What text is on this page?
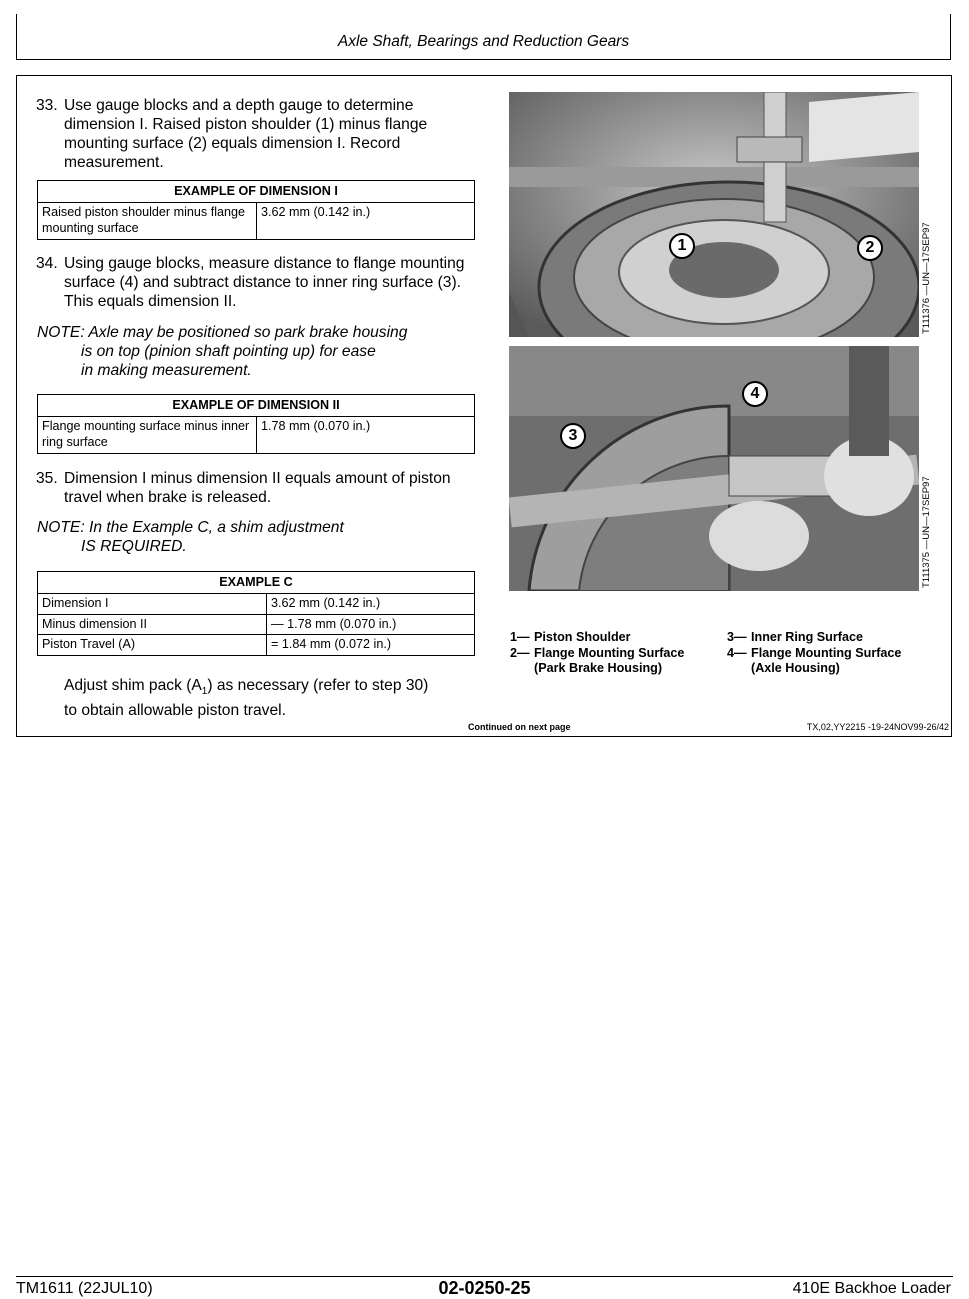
Axle Shaft, Bearings and Reduction Gears
33. Use gauge blocks and a depth gauge to determine dimension I. Raised piston shoulder (1) minus flange mounting surface (2) equals dimension I. Record measurement.
EXAMPLE OF DIMENSION I
Raised piston shoulder minus flange mounting surface	3.62 mm (0.142 in.)
34. Using gauge blocks, measure distance to flange mounting surface (4) and subtract distance to inner ring surface (3). This equals dimension II.
NOTE: Axle may be positioned so park brake housing
is on top (pinion shaft pointing up) for ease
in making measurement.
EXAMPLE OF DIMENSION II
Flange mounting surface minus inner ring surface	1.78 mm (0.070 in.)
35. Dimension I minus dimension II equals amount of piston travel when brake is released.
NOTE: In the Example C, a shim adjustment
IS REQUIRED.
EXAMPLE C	
Dimension I	3.62 mm (0.142 in.)
Minus dimension II	— 1.78 mm (0.070 in.)
Piston Travel (A)	= 1.84 mm (0.072 in.)
Adjust shim pack $(A_1)$ as necessary (refer to step 30)
to obtain allowable piston travel.
1	2	T111376 —UN—17SEP97
3
4
T111375 —UN—17SEP97
1— Piston Shoulder
2— Flange Mounting Surface
(Park Brake Housing)
3— Inner Ring Surface
4— Flange Mounting Surface
(Axle Housing)
Continued on next page	TX,02,YY2215 -19-24NOV99-26/42
TM1611 (22JUL10)	02-0250-25	410E Backhoe Loader
